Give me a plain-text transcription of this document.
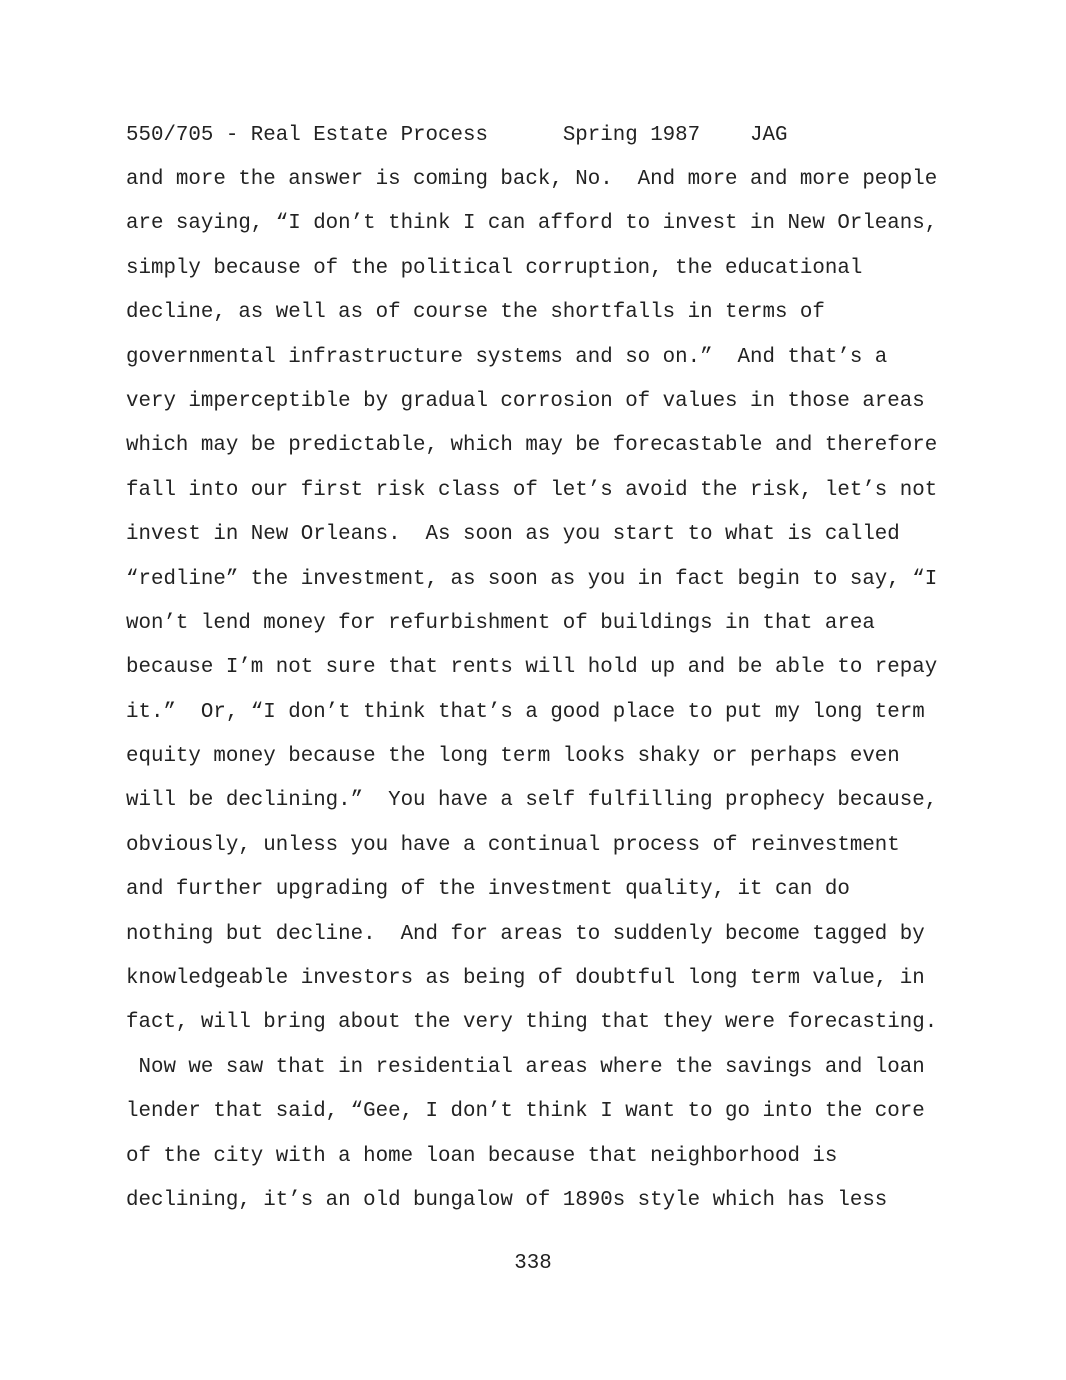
550/705 - Real Estate Process	Spring 1987 JAG
and more the answer is coming back, No.  And more and more people
are saying, “I don’t think I can afford to invest in New Orleans,
simply because of the political corruption, the educational
decline, as well as of course the shortfalls in terms of
governmental infrastructure systems and so on.”  And that’s a
very imperceptible by gradual corrosion of values in those areas
which may be predictable, which may be forecastable and therefore
fall into our first risk class of let’s avoid the risk, let’s not
invest in New Orleans.  As soon as you start to what is called
“redline” the investment, as soon as you in fact begin to say, “I
won’t lend money for refurbishment of buildings in that area
because I’m not sure that rents will hold up and be able to repay
it.”  Or, “I don’t think that’s a good place to put my long term
equity money because the long term looks shaky or perhaps even
will be declining.”  You have a self fulfilling prophecy because,
obviously, unless you have a continual process of reinvestment
and further upgrading of the investment quality, it can do
nothing but decline.  And for areas to suddenly become tagged by
knowledgeable investors as being of doubtful long term value, in
fact, will bring about the very thing that they were forecasting.
Now we saw that in residential areas where the savings and loan
lender that said, “Gee, I don’t think I want to go into the core
of the city with a home loan because that neighborhood is
declining, it’s an old bungalow of 1890s style which has less
338
